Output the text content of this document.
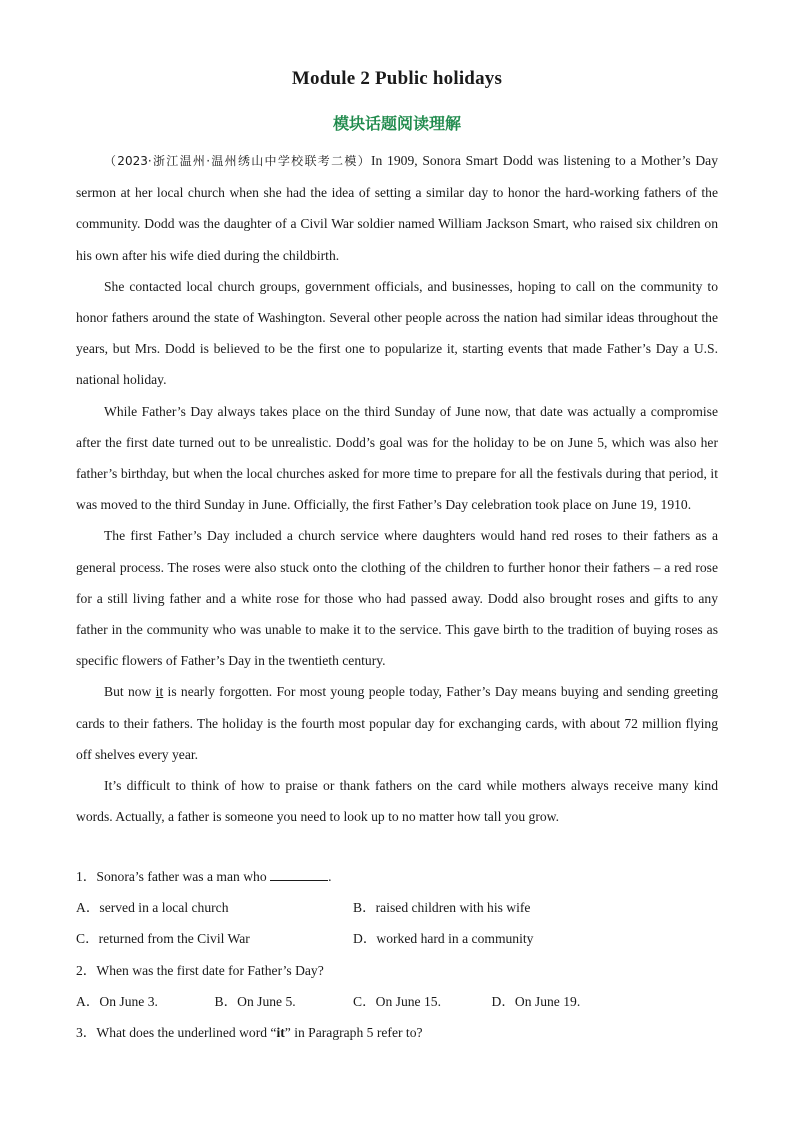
Module 2 Public holidays
模块话题阅读理解

（2023·浙江温州·温州绣山中学校联考二模）In 1909, Sonora Smart Dodd was listening to a Mother’s Day sermon at her local church when she had the idea of setting a similar day to honor the hard-working fathers of the community. Dodd was the daughter of a Civil War soldier named William Jackson Smart, who raised six children on his own after his wife died during the childbirth.

She contacted local church groups, government officials, and businesses, hoping to call on the community to honor fathers around the state of Washington. Several other people across the nation had similar ideas throughout the years, but Mrs. Dodd is believed to be the first one to popularize it, starting events that made Father’s Day a U.S. national holiday.

While Father’s Day always takes place on the third Sunday of June now, that date was actually a compromise after the first date turned out to be unrealistic. Dodd’s goal was for the holiday to be on June 5, which was also her father’s birthday, but when the local churches asked for more time to prepare for all the festivals during that period, it was moved to the third Sunday in June. Officially, the first Father’s Day celebration took place on June 19, 1910.

The first Father’s Day included a church service where daughters would hand red roses to their fathers as a general process. The roses were also stuck onto the clothing of the children to further honor their fathers – a red rose for a still living father and a white rose for those who had passed away. Dodd also brought roses and gifts to any father in the community who was unable to make it to the service. This gave birth to the tradition of buying roses as specific flowers of Father’s Day in the twentieth century.

But now it is nearly forgotten. For most young people today, Father’s Day means buying and sending greeting cards to their fathers. The holiday is the fourth most popular day for exchanging cards, with about 72 million flying off shelves every year.

It’s difficult to think of how to praise or thank fathers on the card while mothers always receive many kind words. Actually, a father is someone you need to look up to no matter how tall you grow.

1．Sonora’s father was a man who	.

A．served in a local church	B．raised children with his wife
C．returned from the Civil War	D．worked hard in a community

2．When was the first date for Father’s Day?

A．On June 3.	B．On June 5.	C．On June 15.	D．On June 19.

3．What does the underlined word “it” in Paragraph 5 refer to?
